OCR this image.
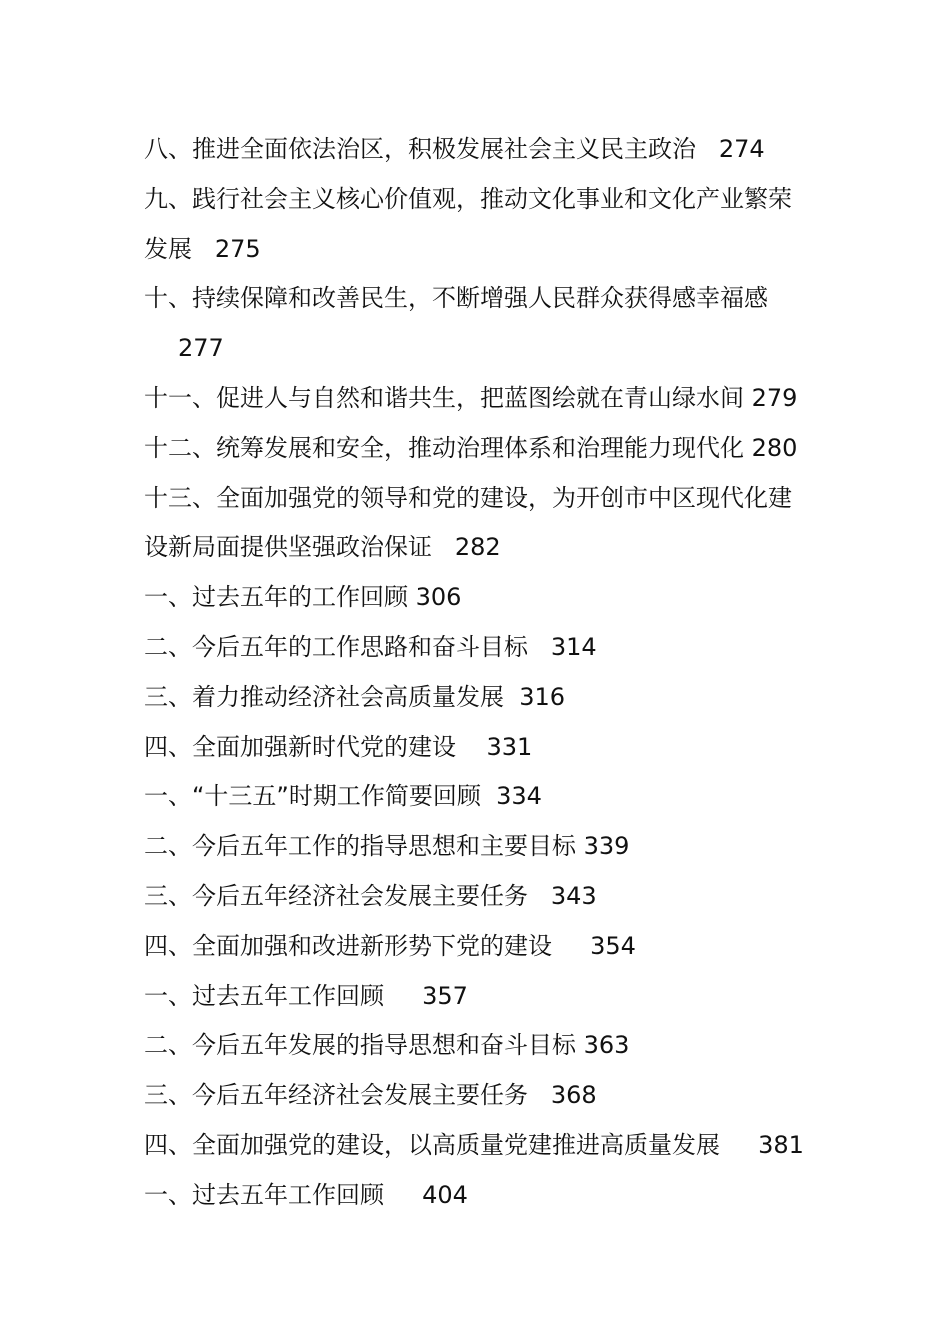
八、推进全面依法治区，积极发展社会主义民主政治   274
九、践行社会主义核心价值观，推动文化事业和文化产业繁荣
发展   275
十、持续保障和改善民生，不断增强人民群众获得感幸福感
277
十一、促进人与自然和谐共生，把蓝图绘就在青山绿水间 279
十二、统筹发展和安全，推动治理体系和治理能力现代化 280
十三、全面加强党的领导和党的建设，为开创市中区现代化建
设新局面提供坚强政治保证   282
一、过去五年的工作回顾 306
二、今后五年的工作思路和奋斗目标   314
三、着力推动经济社会高质量发展  316
四、全面加强新时代党的建设    331
一、“十三五”时期工作简要回顾  334
二、今后五年工作的指导思想和主要目标 339
三、今后五年经济社会发展主要任务   343
四、全面加强和改进新形势下党的建设     354
一、过去五年工作回顾     357
二、今后五年发展的指导思想和奋斗目标 363
三、今后五年经济社会发展主要任务   368
四、全面加强党的建设，以高质量党建推进高质量发展     381
一、过去五年工作回顾     404
